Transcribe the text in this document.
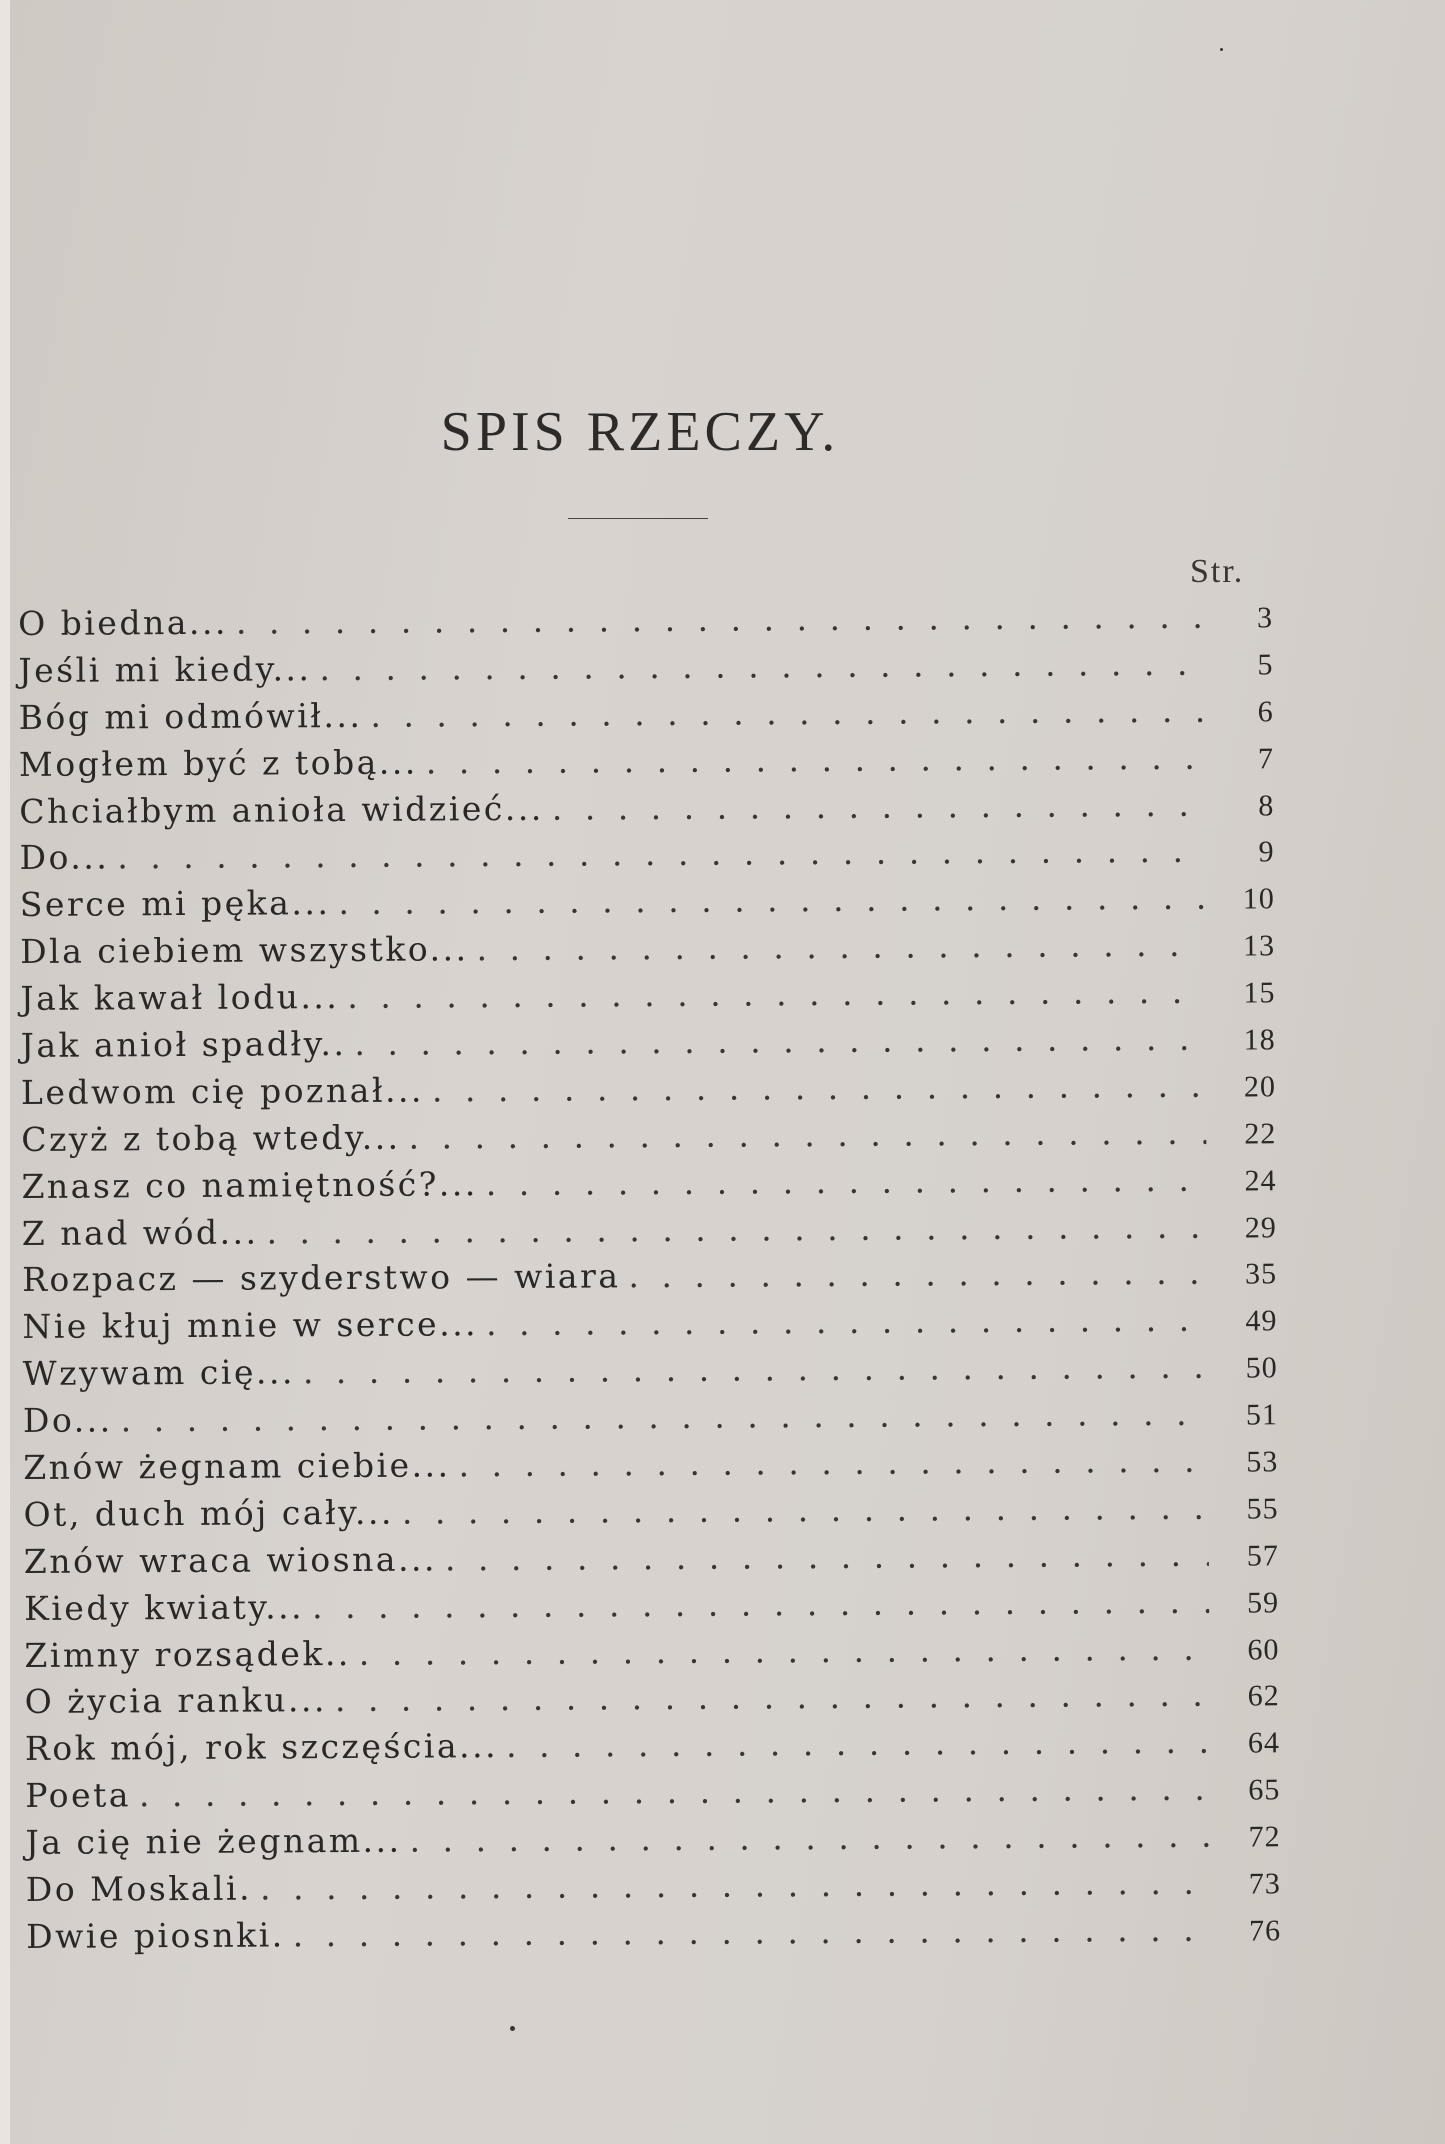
SPIS RZECZY.
Str.
O biedna... . . .	3
Jeśli mi kiedy... . . .	5
Bóg mi odmówił... . . .	6
Mogłem być z tobą... . . .	7
Chciałbym anioła widzieć... . . .	8
Do... . . .	9
Serce mi pęka... . . .	10
Dla ciebiem wszystko... . . .	13
Jak kawał lodu... . . .	15
Jak anioł spadły.. . . .	18
Ledwom cię poznał... . . .	20
Czyż z tobą wtedy... . . .	22
Znasz co namiętność?... . . .	24
Z nad wód... . . .	29
Rozpacz — szyderstwo — wiara . . .	35
Nie kłuj mnie w serce... . . .	49
Wzywam cię... . . .	50
Do... . . .	51
Znów żegnam ciebie... . . .	53
Ot, duch mój cały... . . .	55
Znów wraca wiosna... . . .	57
Kiedy kwiaty... . . .	59
Zimny rozsądek.. . . .	60
O życia ranku... . . .	62
Rok mój, rok szczęścia... . . .	64
Poeta . . .	65
Ja cię nie żegnam... . . .	72
Do Moskali. . . .	73
Dwie piosnki. . . .	76
